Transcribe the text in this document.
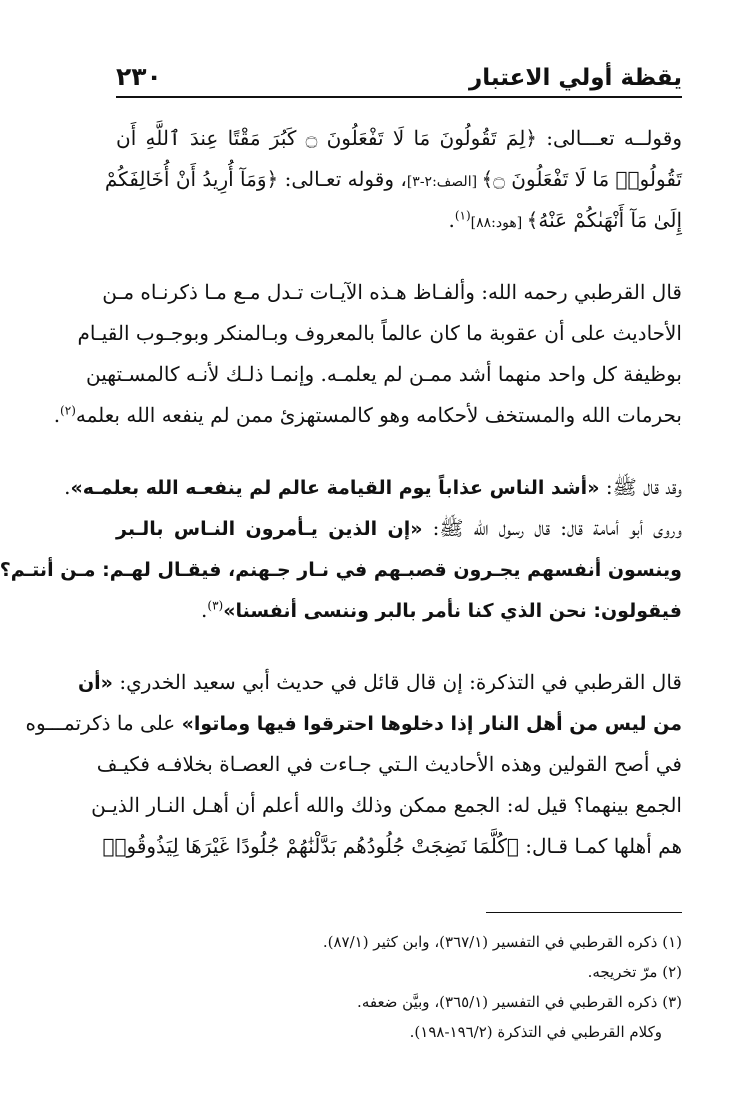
يقظة أولي الاعتبار
٢٣٠
وقولــه تعـــالى: ﴿لِمَ تَقُولُونَ مَا لَا تَفْعَلُونَ ۝ كَبُرَ مَقْتًا عِندَ ٱللَّهِ أَن
تَقُولُوا۟ مَا لَا تَفْعَلُونَ ۝﴾ [الصف:٢-٣]، وقوله تعـالى: ﴿وَمَآ أُرِيدُ أَنْ أُخَالِفَكُمْ
إِلَىٰ مَآ أَنْهَىٰكُمْ عَنْهُ﴾ [هود:٨٨]$^{(١)}$.
قال القرطبي رحمه الله: وألفـاظ هـذه الآيـات تـدل مـع مـا ذكرنـاه مـن
الأحاديث على أن عقوبة ما كان عالماً بالمعروف وبـالمنكر وبوجـوب القيـام
بوظيفة كل واحد منهما أشد ممـن لم يعلمـه. وإنمـا ذلـك لأنـه كالمسـتهين
بحرمات الله والمستخف لأحكامه وهو كالمستهزئ ممن لم ينفعه الله بعلمه$^{(٢)}$.
وقد قال ﷺ: «أشد الناس عذاباً يوم القيامة عالم لم ينفعـه الله بعلمـه».
وروى أبو أمامة قال: قال رسول الله ﷺ: «إن الذين يـأمرون النـاس بالـبر
وينسون أنفسهم يجـرون قصبـهم في نـار جـهنم، فيقـال لهـم: مـن أنتـم؟
فيقولون: نحن الذي كنا نأمر بالبر وننسى أنفسنا»$^{(٣)}$.
قال القرطبي في التذكرة: إن قال قائل في حديث أبي سعيد الخدري: «أن
من ليس من أهل النار إذا دخلوها احترقوا فيها وماتوا» على ما ذكرتمـــوه
في أصح القولين وهذه الأحاديث الـتي جـاءت في العصـاة بخلافـه فكيـف
الجمع بينهما؟ قيل له: الجمع ممكن وذلك والله أعلم أن أهـل النـار الذيـن
هم أهلها كمـا قـال: ﴿كُلَّمَا نَضِجَتْ جُلُودُهُم بَدَّلْنَٰهُمْ جُلُودًا غَيْرَهَا لِيَذُوقُوا۟
(١) ذكره القرطبي في التفسير (٣٦٧/١)، وابن كثير (٨٧/١).
(٢) مرّ تخريجه.
(٣) ذكره القرطبي في التفسير (٣٦٥/١)، وبيَّن ضعفه.
وكلام القرطبي في التذكرة (١٩٦/٢-١٩٨).
